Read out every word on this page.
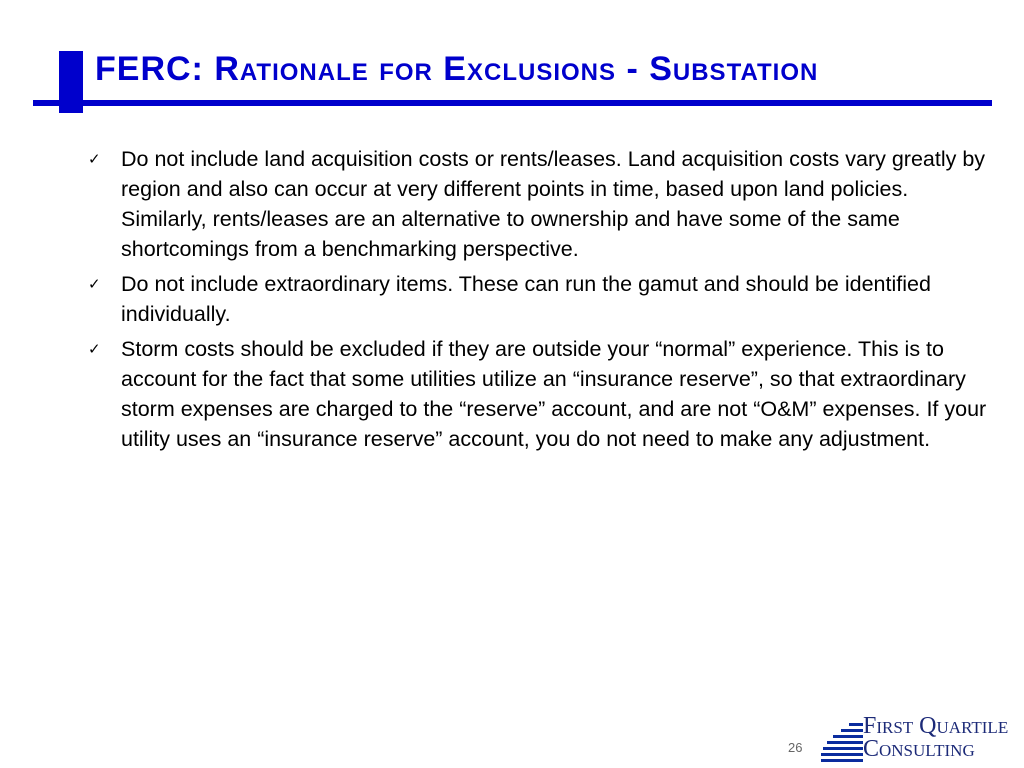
FERC: Rationale for Exclusions - Substation
✓ Do not include land acquisition costs or rents/leases. Land acquisition costs vary greatly by region and also can occur at very different points in time, based upon land policies. Similarly, rents/leases are an alternative to ownership and have some of the same shortcomings from a benchmarking perspective.
✓ Do not include extraordinary items. These can run the gamut and should be identified individually.
✓ Storm costs should be excluded if they are outside your “normal” experience. This is to account for the fact that some utilities utilize an “insurance reserve”, so that extraordinary storm expenses are charged to the “reserve” account, and are not “O&M” expenses. If your utility uses an “insurance reserve” account, you do not need to make any adjustment.
26
First Quartile
Consulting
